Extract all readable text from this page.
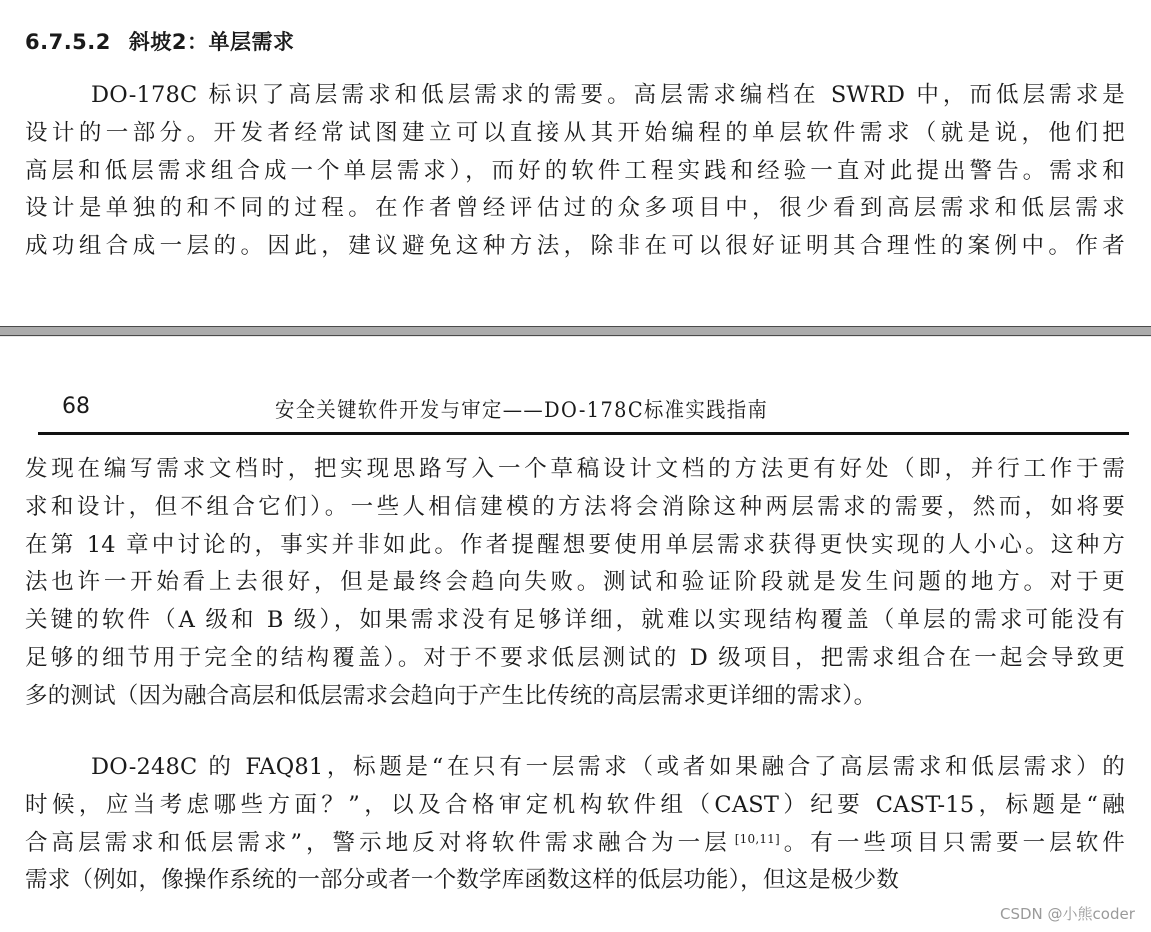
6.7.5.2 斜坡2：单层需求
DO-178C 标识了高层需求和低层需求的需要。高层需求编档在 SWRD 中，而低层需求是
设计的一部分。开发者经常试图建立可以直接从其开始编程的单层软件需求（就是说，他们把
高层和低层需求组合成一个单层需求），而好的软件工程实践和经验一直对此提出警告。需求和
设计是单独的和不同的过程。在作者曾经评估过的众多项目中，很少看到高层需求和低层需求
成功组合成一层的。因此，建议避免这种方法，除非在可以很好证明其合理性的案例中。作者
68	安全关键软件开发与审定——DO-178C标准实践指南
发现在编写需求文档时，把实现思路写入一个草稿设计文档的方法更有好处（即，并行工作于需
求和设计，但不组合它们）。一些人相信建模的方法将会消除这种两层需求的需要，然而，如将要
在第 14 章中讨论的，事实并非如此。作者提醒想要使用单层需求获得更快实现的人小心。这种方
法也许一开始看上去很好，但是最终会趋向失败。测试和验证阶段就是发生问题的地方。对于更
关键的软件（A 级和 B 级），如果需求没有足够详细，就难以实现结构覆盖（单层的需求可能没有
足够的细节用于完全的结构覆盖）。对于不要求低层测试的 D 级项目，把需求组合在一起会导致更
多的测试（因为融合高层和低层需求会趋向于产生比传统的高层需求更详细的需求）。
DO-248C 的 FAQ81，标题是“在只有一层需求（或者如果融合了高层需求和低层需求）的
时候，应当考虑哪些方面？”，以及合格审定机构软件组（CAST）纪要 CAST-15，标题是“融
合高层需求和低层需求”，警示地反对将软件需求融合为一层 [10,11]。有一些项目只需要一层软件
需求（例如，像操作系统的一部分或者一个数学库函数这样的低层功能），但这是极少数
CSDN @小熊coder
